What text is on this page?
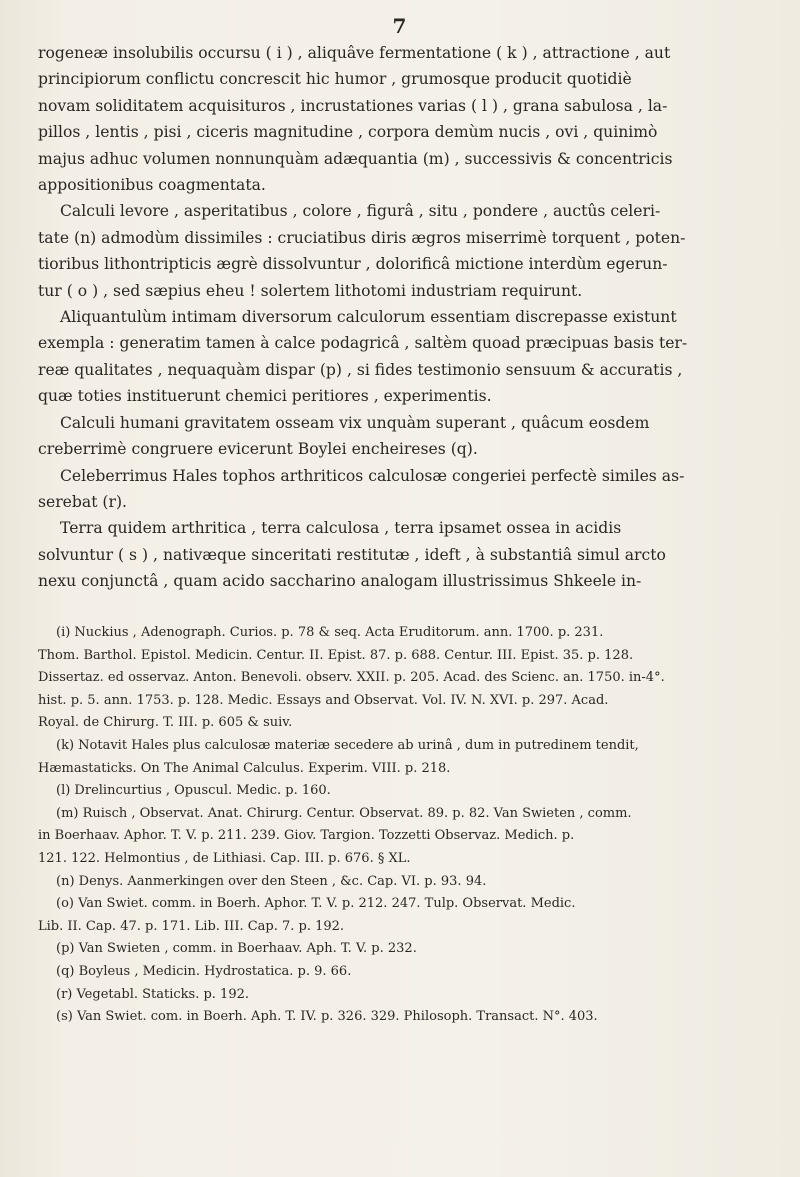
7
rogeneæ insolubilis occursu ( i ) , aliquâve fermentatione ( k ) , attractione , aut
principiorum conflictu concrescit hic humor , grumosque producit quotidiè
novam soliditatem acquisituros , incrustationes varias ( l ) , grana sabulosa , la-
pillos , lentis , pisi , ciceris magnitudine , corpora demùm nucis , ovi , quinimò
majus adhuc volumen nonnunquàm adæquantia (m) , successivis & concentricis
appositionibus coagmentata.
Calculi levore , asperitatibus , colore , figurâ , situ , pondere , auctûs celeri-
tate (n) admodùm dissimiles : cruciatibus diris ægros miserrimè torquent , poten-
tioribus lithontripticis ægrè dissolvuntur , dolorificâ mictione interdùm egerun-
tur ( o ) , sed sæpius eheu ! solertem lithotomi industriam requirunt.
Aliquantulùm intimam diversorum calculorum essentiam discrepasse existunt
exempla : generatim tamen à calce podagricâ , saltèm quoad præcipuas basis ter-
reæ qualitates , nequaquàm dispar (p) , si fides testimonio sensuum & accuratis ,
quæ toties instituerunt chemici peritiores , experimentis.
Calculi humani gravitatem osseam vix unquàm superant , quâcum eosdem
creberrimè congruere evicerunt Boylei encheireses (q).
Celeberrimus Hales tophos arthriticos calculosæ congeriei perfectè similes as-
serebat (r).
Terra quidem arthritica , terra calculosa , terra ipsamet ossea in acidis
solvuntur ( s ) , nativæque sinceritati restitutæ , ideft , à substantiâ simul arcto
nexu conjunctâ , quam acido saccharino analogam illustrissimus Shkeele in-
(i) Nuckius , Adenograph. Curios. p. 78 & seq. Acta Eruditorum. ann. 1700. p. 231.
Thom. Barthol. Epistol. Medicin. Centur. II. Epist. 87. p. 688. Centur. III. Epist. 35. p. 128.
Dissertaz. ed osservaz. Anton. Benevoli. observ. XXII. p. 205. Acad. des Scienc. an. 1750. in-4°.
hist. p. 5. ann. 1753. p. 128. Medic. Essays and Observat. Vol. IV. N. XVI. p. 297. Acad.
Royal. de Chirurg. T. III. p. 605 & suiv.
(k) Notavit Hales plus calculosæ materiæ secedere ab urinâ , dum in putredinem tendit,
Hæmastaticks. On The Animal Calculus. Experim. VIII. p. 218.
(l) Drelincurtius , Opuscul. Medic. p. 160.
(m) Ruisch , Observat. Anat. Chirurg. Centur. Observat. 89. p. 82. Van Swieten , comm.
in Boerhaav. Aphor. T. V. p. 211. 239. Giov. Targion. Tozzetti Observaz. Medich. p.
121. 122. Helmontius , de Lithiasi. Cap. III. p. 676. § XL.
(n) Denys. Aanmerkingen over den Steen , &c. Cap. VI. p. 93. 94.
(o) Van Swiet. comm. in Boerh. Aphor. T. V. p. 212. 247. Tulp. Observat. Medic.
Lib. II. Cap. 47. p. 171. Lib. III. Cap. 7. p. 192.
(p) Van Swieten , comm. in Boerhaav. Aph. T. V. p. 232.
(q) Boyleus , Medicin. Hydrostatica. p. 9. 66.
(r) Vegetabl. Staticks. p. 192.
(s) Van Swiet. com. in Boerh. Aph. T. IV. p. 326. 329. Philosoph. Transact. N°. 403.
